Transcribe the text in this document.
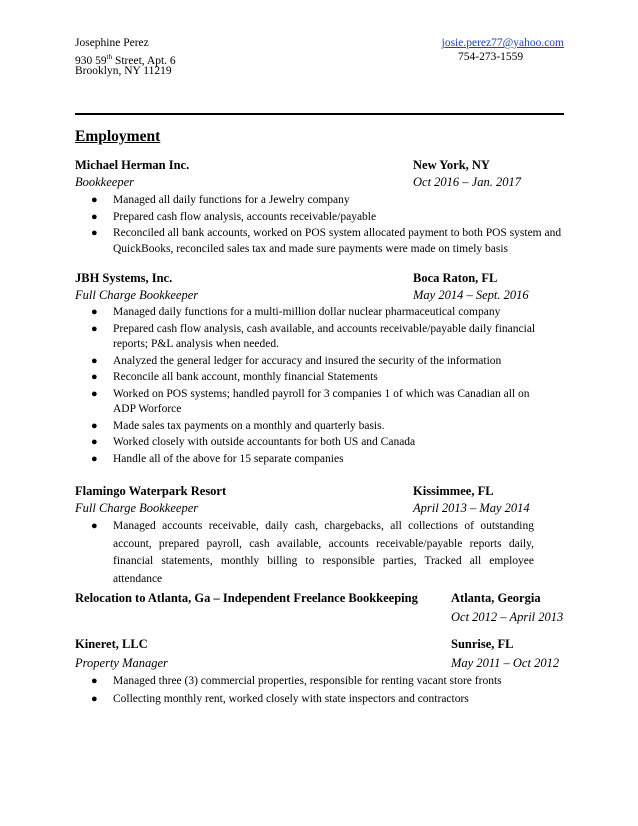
Josephine Perez
930 59th Street, Apt. 6
Brooklyn, NY 11219
josie.perez77@yahoo.com
754-273-1559
Employment
Michael Herman Inc.	New York, NY
Bookkeeper	Oct 2016 – Jan. 2017
● Managed all daily functions for a Jewelry company
● Prepared cash flow analysis, accounts receivable/payable
● Reconciled all bank accounts, worked on POS system allocated payment to both POS system and QuickBooks, reconciled sales tax and made sure payments were made on timely basis
JBH Systems, Inc.	Boca Raton, FL
Full Charge Bookkeeper	May 2014 – Sept. 2016
● Managed daily functions for a multi-million dollar nuclear pharmaceutical company
● Prepared cash flow analysis, cash available, and accounts receivable/payable daily financial reports; P&L analysis when needed.
● Analyzed the general ledger for accuracy and insured the security of the information
● Reconcile all bank account, monthly financial Statements
● Worked on POS systems; handled payroll for 3 companies 1 of which was Canadian all on ADP Worforce
● Made sales tax payments on a monthly and quarterly basis.
● Worked closely with outside accountants for both US and Canada
● Handle all of the above for 15 separate companies
Flamingo Waterpark Resort	Kissimmee, FL
Full Charge Bookkeeper	April 2013 – May 2014
● Managed accounts receivable, daily cash, chargebacks, all collections of outstanding account, prepared payroll, cash available, accounts receivable/payable reports daily, financial statements, monthly billing to responsible parties, Tracked all employee attendance
Relocation to Atlanta, Ga – Independent Freelance Bookkeeping	Atlanta, Georgia
Oct 2012 – April 2013
Kineret, LLC	Sunrise, FL
Property Manager	May 2011 – Oct 2012
● Managed three (3) commercial properties, responsible for renting vacant store fronts
● Collecting monthly rent, worked closely with state inspectors and contractors
